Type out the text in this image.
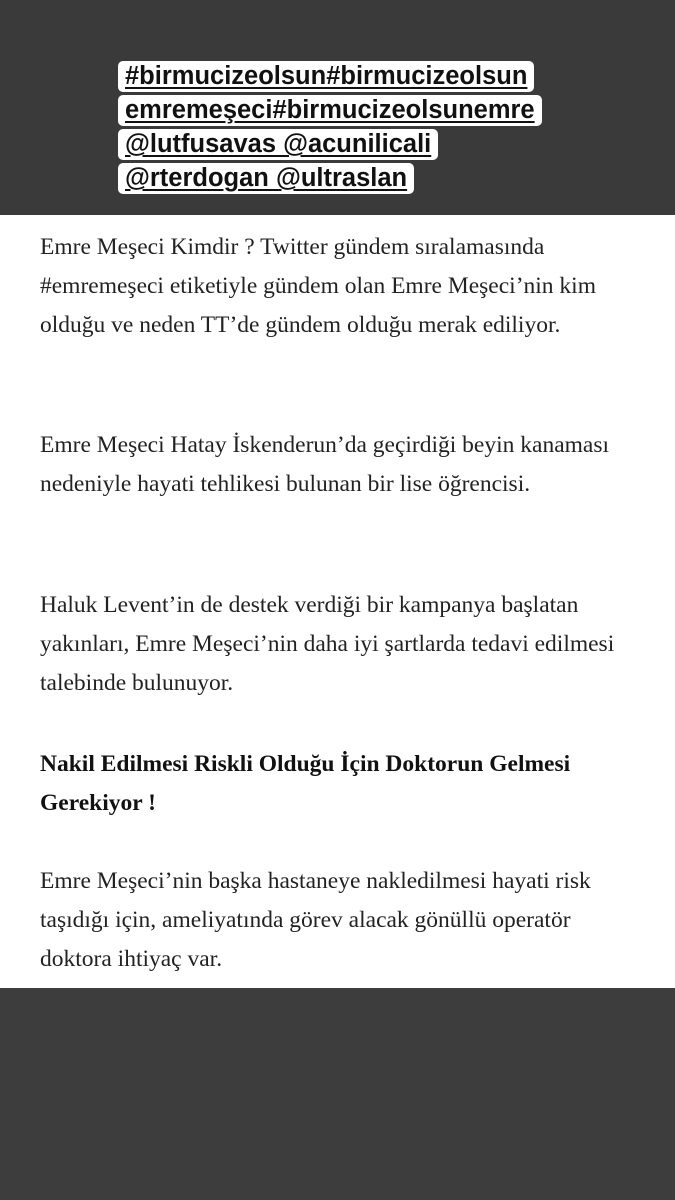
Emre Meşeci Kimdir ? Twitter gündem sıralamasında #emremeşeci etiketiyle gündem olan Emre Meşeci’nin kim olduğu ve neden TT’de gündem olduğu merak ediliyor.

Emre Meşeci Hatay İskenderun’da geçirdiği beyin kanaması nedeniyle hayati tehlikesi bulunan bir lise öğrencisi.

Haluk Levent’in de destek verdiği bir kampanya başlatan yakınları, Emre Meşeci’nin daha iyi şartlarda tedavi edilmesi talebinde bulunuyor.

Nakil Edilmesi Riskli Olduğu İçin Doktorun Gelmesi Gerekiyor !

Emre Meşeci’nin başka hastaneye nakledilmesi hayati risk taşıdığı için, ameliyatında görev alacak gönüllü operatör doktora ihtiyaç var.

#birmucizeolsun#birmucizeolsun
emremeşeci#birmucizeolsunemre
@lutfusavas @acunilicali
@rterdogan @ultraslan
